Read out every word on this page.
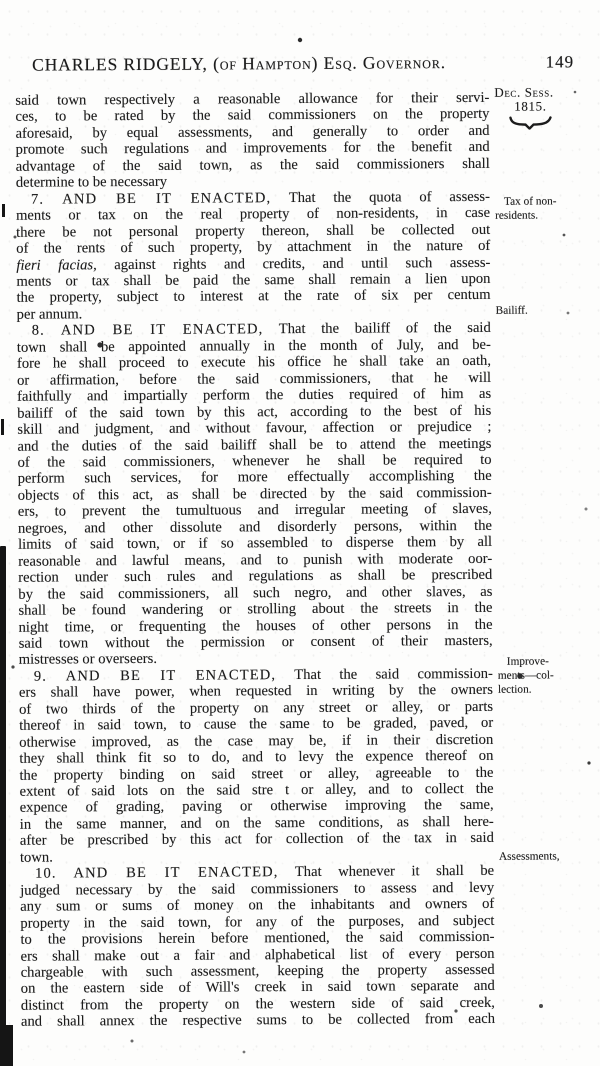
CHARLES RIDGELY, (of Hampton) Esq. Governor.	149
said town respectively a reasonable allowance for their servi-
ces, to be rated by the said commissioners on the property
aforesaid, by equal assessments, and generally to order and
promote such regulations and improvements for the benefit and
advantage of the said town, as the said commissioners shall
determine to be necessary
7. AND BE IT ENACTED, That the quota of assess-
ments or tax on the real property of non-residents, in case
there be not personal property thereon, shall be collected out
of the rents of such property, by attachment in the nature of
fieri facias, against rights and credits, and until such assess-
ments or tax shall be paid the same shall remain a lien upon
the property, subject to interest at the rate of six per centum
per annum.
8. AND BE IT ENACTED, That the bailiff of the said
town shall be appointed annually in the month of July, and be-
fore he shall proceed to execute his office he shall take an oath,
or affirmation, before the said commissioners, that he will
faithfully and impartially perform the duties required of him as
bailiff of the said town by this act, according to the best of his
skill and judgment, and without favour, affection or prejudice ;
and the duties of the said bailiff shall be to attend the meetings
of the said commissioners, whenever he shall be required to
perform such services, for more effectually accomplishing the
objects of this act, as shall be directed by the said commission-
ers, to prevent the tumultuous and irregular meeting of slaves,
negroes, and other dissolute and disorderly persons, within the
limits of said town, or if so assembled to disperse them by all
reasonable and lawful means, and to punish with moderate oor-
rection under such rules and regulations as shall be prescribed
by the said commissioners, all such negro, and other slaves, as
shall be found wandering or strolling about the streets in the
night time, or frequenting the houses of other persons in the
said town without the permission or consent of their masters,
mistresses or overseers.
9. AND BE IT ENACTED, That the said commission-
ers shall have power, when requested in writing by the owners
of two thirds of the property on any street or alley, or parts
thereof in said town, to cause the same to be graded, paved, or
otherwise improved, as the case may be, if in their discretion
they shall think fit so to do, and to levy the expence thereof on
the property binding on said street or alley, agreeable to the
extent of said lots on the said stre t or alley, and to collect the
expence of grading, paving or otherwise improving the same,
in the same manner, and on the same conditions, as shall here-
after be prescribed by this act for collection of the tax in said
town.
10. AND BE IT ENACTED, That whenever it shall be
judged necessary by the said commissioners to assess and levy
any sum or sums of money on the inhabitants and owners of
property in the said town, for any of the purposes, and subject
to the provisions herein before mentioned, the said commission-
ers shall make out a fair and alphabetical list of every person
chargeable with such assessment, keeping the property assessed
on the eastern side of Will's creek in said town separate and
distinct from the property on the western side of said creek,
and shall annex the respective sums to be collected from each
Dec. Sess.
1815.
Tax of non-
residents.
Bailiff.
Improve-
ments—col-
lection.
Assessments,
